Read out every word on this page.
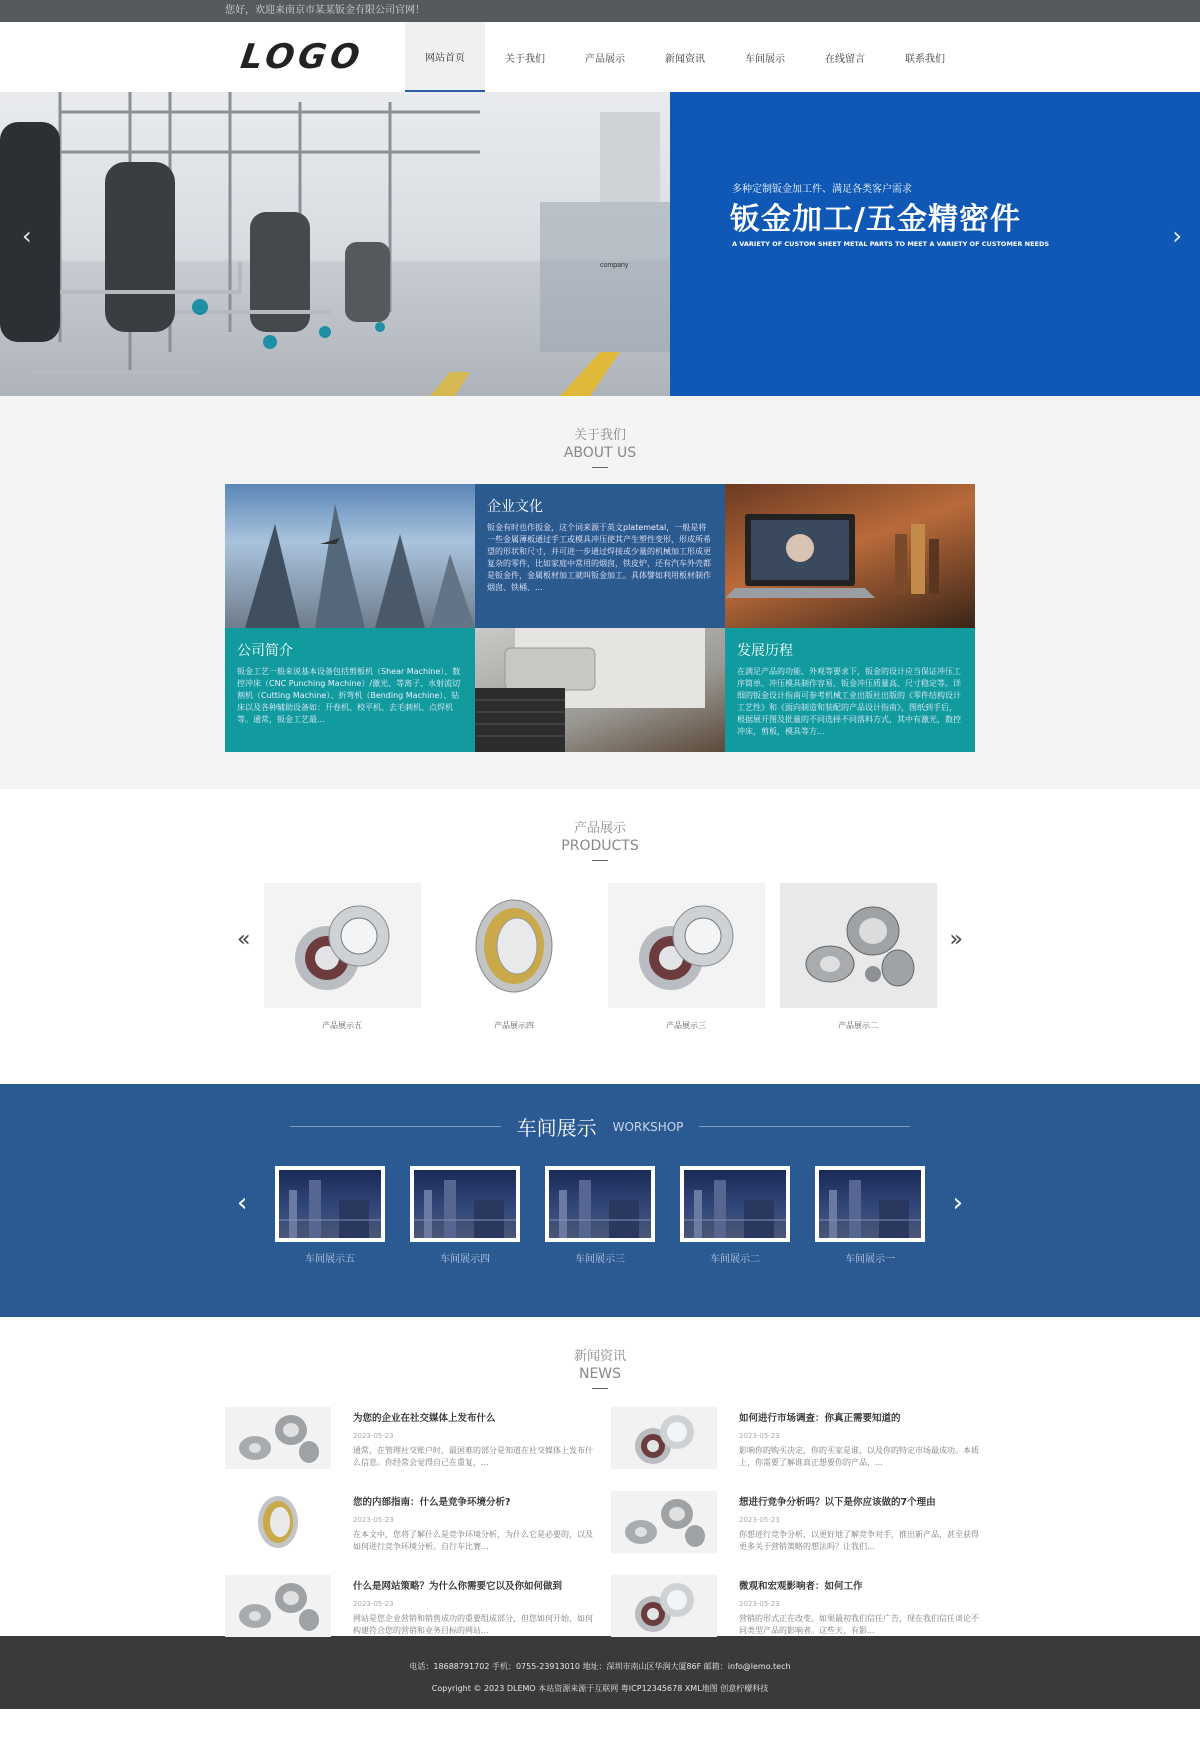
您好，欢迎来南京市某某钣金有限公司官网！
LOGO	网站首页	关于我们	产品展示	新闻资讯	车间展示	在线留言	联系我们
company
‹
多种定制钣金加工件、满足各类客户需求
钣金加工/五金精密件
A VARIETY OF CUSTOM SHEET METAL PARTS TO MEET A VARIETY OF CUSTOMER NEEDS	›
关于我们
ABOUT US
企业文化

钣金有时也作扳金，这个词来源于英文platemetal，一般是将一些金属薄板通过手工或模具冲压使其产生塑性变形，形成所希望的形状和尺寸，并可进一步通过焊接或少量的机械加工形成更复杂的零件，比如家庭中常用的烟囱，铁皮炉，还有汽车外壳都是钣金件，金属板材加工就叫钣金加工。具体譬如利用板材制作烟囱、铁桶、...

公司简介

钣金工艺一般来说基本设备包括剪板机（Shear Machine）、数控冲床（CNC Punching Machine）/激光、等离子、水射流切割机（Cutting Machine）、折弯机（Bending Machine）、钻床以及各种辅助设备如：开卷机、校平机、去毛刺机、点焊机等。通常，钣金工艺最...

发展历程

在满足产品的功能、外观等要求下，钣金的设计应当保证冲压工序简单、冲压模具制作容易、钣金冲压质量高、尺寸稳定等。详细的钣金设计指南可参考机械工业出版社出版的《零件结构设计工艺性》和《面向制造和装配的产品设计指南》，图纸到手后，根据展开图及批量的不同选择不同落料方式，其中有激光，数控冲床，剪板，模具等方...

产品展示
PRODUCTS
«
产品展示五	产品展示四	产品展示三	产品展示二
»
车间展示 WORKSHOP
‹
车间展示五	车间展示四	车间展示三	车间展示二	车间展示一
›
新闻资讯
NEWS
为您的企业在社交媒体上发布什么
2023-05-23
通常，在管理社交账户时，最困难的部分是知道在社交媒体上发布什么信息。你经常会觉得自己在重复，...
如何进行市场调查：你真正需要知道的
2023-05-23
影响你的购买决定，你的买家是谁，以及你的特定市场最成功。本质上，你需要了解谁真正想要你的产品，...
您的内部指南：什么是竞争环境分析?
2023-05-23
在本文中，您将了解什么是竞争环境分析，为什么它是必要的，以及如何进行竞争环境分析。自行车比赛...
想进行竞争分析吗？以下是你应该做的7个理由
2023-05-23
你想进行竞争分析，以更好地了解竞争对手，推出新产品，甚至获得更多关于营销策略的想法吗？让我们...
什么是网站策略？为什么你需要它以及你如何做到
2023-05-23
网站是您企业营销和销售成功的重要组成部分，但您如何开始，如何构建符合您的营销和业务目标的网站...
微观和宏观影响者：如何工作
2023-05-23
营销的形式正在改变。如果最初我们信任广告，现在我们信任谈论不同类型产品的影响者。这些天，有影...
电话：18688791702 手机：0755-23913010 地址：深圳市南山区华润大厦86F 邮箱：info@lemo.tech
Copyright © 2023 DLEMO 本站资源来源于互联网 粤ICP12345678 XML地图 创意柠檬科技
